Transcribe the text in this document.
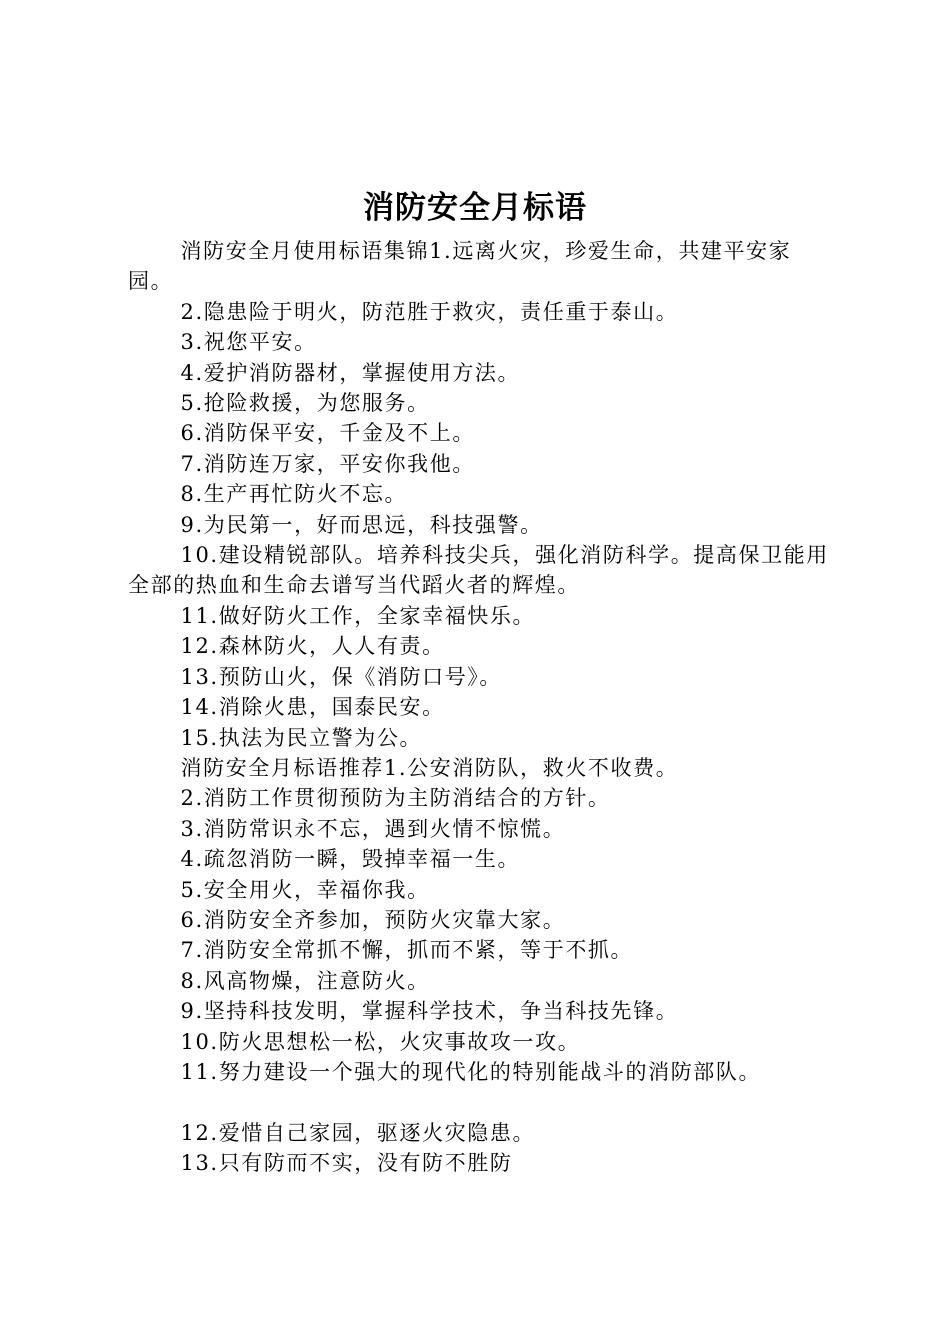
消防安全月标语

消防安全月使用标语集锦1.远离火灾，珍爱生命，共建平安家园。

2.隐患险于明火，防范胜于救灾，责任重于泰山。

3.祝您平安。

4.爱护消防器材，掌握使用方法。

5.抢险救援，为您服务。

6.消防保平安，千金及不上。

7.消防连万家，平安你我他。

8.生产再忙防火不忘。

9.为民第一，好而思远，科技强警。

10.建设精锐部队。培养科技尖兵，强化消防科学。提高保卫能用全部的热血和生命去谱写当代蹈火者的辉煌。

11.做好防火工作，全家幸福快乐。

12.森林防火，人人有责。

13.预防山火，保《消防口号》。

14.消除火患，国泰民安。

15.执法为民立警为公。

消防安全月标语推荐1.公安消防队，救火不收费。

2.消防工作贯彻预防为主防消结合的方针。

3.消防常识永不忘，遇到火情不惊慌。

4.疏忽消防一瞬，毁掉幸福一生。

5.安全用火，幸福你我。

6.消防安全齐参加，预防火灾靠大家。

7.消防安全常抓不懈，抓而不紧，等于不抓。

8.风高物燥，注意防火。

9.坚持科技发明，掌握科学技术，争当科技先锋。

10.防火思想松一松，火灾事故攻一攻。

11.努力建设一个强大的现代化的特别能战斗的消防部队。

12.爱惜自己家园，驱逐火灾隐患。

13.只有防而不实，没有防不胜防
